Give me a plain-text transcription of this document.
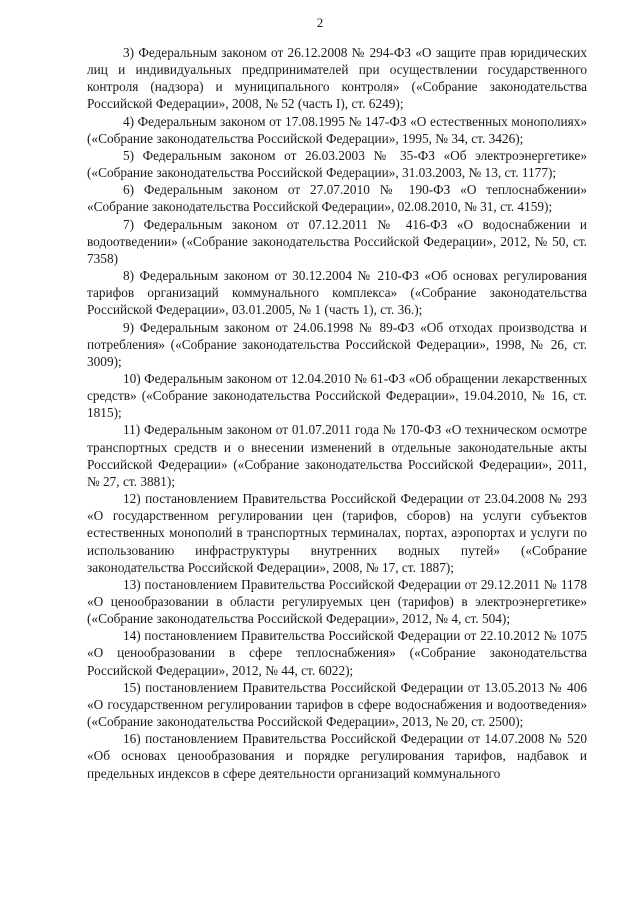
2

3) Федеральным законом от 26.12.2008 № 294-ФЗ «О защите прав юридических лиц и индивидуальных предпринимателей при осуществлении государственного контроля (надзора) и муниципального контроля» («Собрание законодательства Российской Федерации», 2008, № 52 (часть I), ст. 6249);

4) Федеральным законом от 17.08.1995 № 147-ФЗ «О естественных монополиях» («Собрание законодательства Российской Федерации», 1995, № 34, ст. 3426);

5) Федеральным законом от 26.03.2003 № 35-ФЗ «Об электроэнергетике» («Собрание законодательства Российской Федерации», 31.03.2003, № 13, ст. 1177);

6) Федеральным законом от 27.07.2010 № 190-ФЗ «О теплоснабжении» «Собрание законодательства Российской Федерации», 02.08.2010, № 31, ст. 4159);

7) Федеральным законом от 07.12.2011 № 416-ФЗ «О водоснабжении и водоотведении» («Собрание законодательства Российской Федерации», 2012, № 50, ст. 7358)

8) Федеральным законом от 30.12.2004 № 210-ФЗ «Об основах регулирования тарифов организаций коммунального комплекса» («Собрание законодательства Российской Федерации», 03.01.2005, № 1 (часть 1), ст. 36.);

9) Федеральным законом от 24.06.1998 № 89-ФЗ «Об отходах производства и потребления» («Собрание законодательства Российской Федерации», 1998, № 26, ст. 3009);

10) Федеральным законом от 12.04.2010 № 61-ФЗ «Об обращении лекарственных средств» («Собрание законодательства Российской Федерации», 19.04.2010, № 16, ст. 1815);

11) Федеральным законом от 01.07.2011 года № 170-ФЗ «О техническом осмотре транспортных средств и о внесении изменений в отдельные законодательные акты Российской Федерации» («Собрание законодательства Российской Федерации», 2011, № 27, ст. 3881);

12) постановлением Правительства Российской Федерации от 23.04.2008 № 293 «О государственном регулировании цен (тарифов, сборов) на услуги субъектов естественных монополий в транспортных терминалах, портах, аэропортах и услуги по использованию инфраструктуры внутренних водных путей» («Собрание законодательства Российской Федерации», 2008, № 17, ст. 1887);

13) постановлением Правительства Российской Федерации от 29.12.2011 № 1178 «О ценообразовании в области регулируемых цен (тарифов) в электроэнергетике» («Собрание законодательства Российской Федерации», 2012, № 4, ст. 504);

14) постановлением Правительства Российской Федерации от 22.10.2012 № 1075 «О ценообразовании в сфере теплоснабжения» («Собрание законодательства Российской Федерации», 2012, № 44, ст. 6022);

15) постановлением Правительства Российской Федерации от 13.05.2013 № 406 «О государственном регулировании тарифов в сфере водоснабжения и водоотведения» («Собрание законодательства Российской Федерации», 2013, № 20, ст. 2500);

16) постановлением Правительства Российской Федерации от 14.07.2008 № 520 «Об основах ценообразования и порядке регулирования тарифов, надбавок и предельных индексов в сфере деятельности организаций коммунального
